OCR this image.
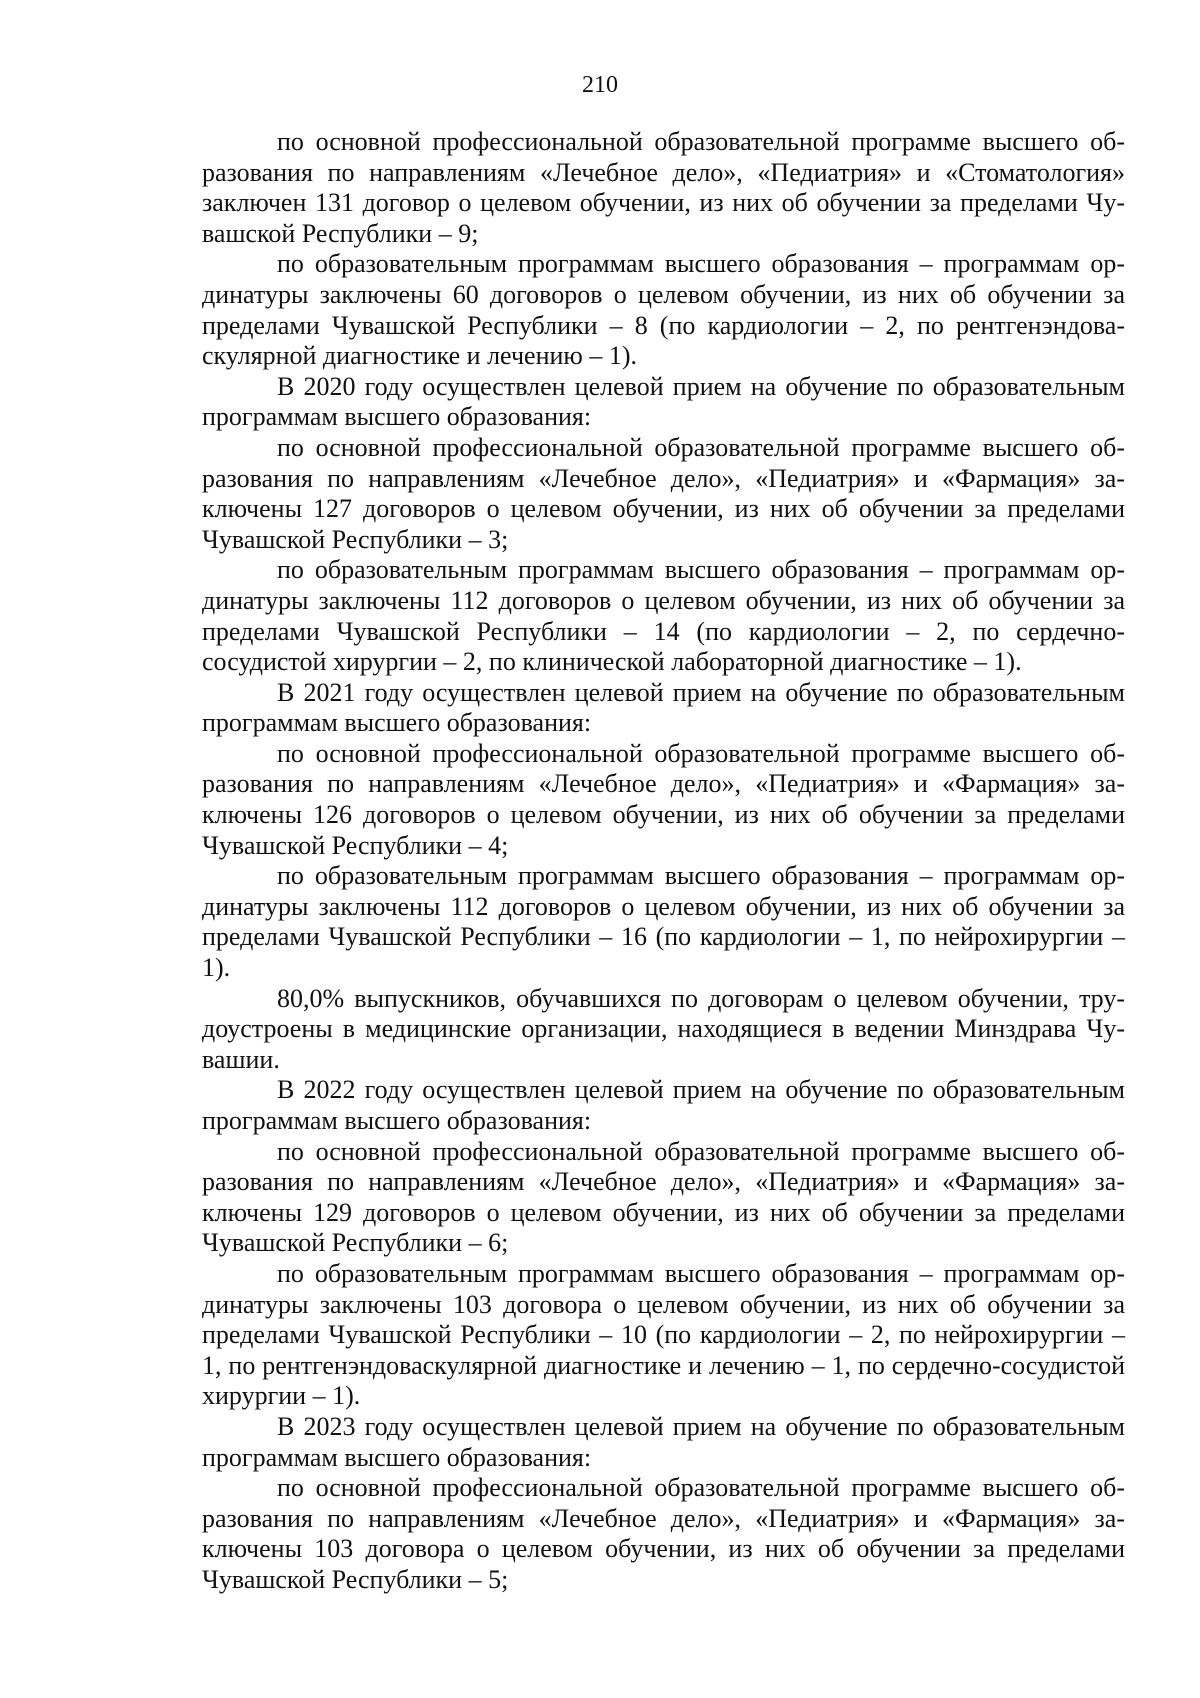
210

по основной профессиональной образовательной программе высшего образования по направлениям «Лечебное дело», «Педиатрия» и «Стоматология» заключен 131 договор о целевом обучении, из них об обучении за пределами Чувашской Республики – 9;

по образовательным программам высшего образования – программам ординатуры заключены 60 договоров о целевом обучении, из них об обучении за пределами Чувашской Республики – 8 (по кардиологии – 2, по рентгенэндоваскулярной диагностике и лечению – 1).

В 2020 году осуществлен целевой прием на обучение по образовательным программам высшего образования:

по основной профессиональной образовательной программе высшего образования по направлениям «Лечебное дело», «Педиатрия» и «Фармация» заключены 127 договоров о целевом обучении, из них об обучении за пределами Чувашской Республики – 3;

по образовательным программам высшего образования – программам ординатуры заключены 112 договоров о целевом обучении, из них об обучении за пределами Чувашской Республики – 14 (по кардиологии – 2, по сердечно-сосудистой хирургии – 2, по клинической лабораторной диагностике – 1).

В 2021 году осуществлен целевой прием на обучение по образовательным программам высшего образования:

по основной профессиональной образовательной программе высшего образования по направлениям «Лечебное дело», «Педиатрия» и «Фармация» заключены 126 договоров о целевом обучении, из них об обучении за пределами Чувашской Республики – 4;

по образовательным программам высшего образования – программам ординатуры заключены 112 договоров о целевом обучении, из них об обучении за пределами Чувашской Республики – 16 (по кардиологии – 1, по нейрохирургии – 1).

80,0% выпускников, обучавшихся по договорам о целевом обучении, трудоустроены в медицинские организации, находящиеся в ведении Минздрава Чувашии.

В 2022 году осуществлен целевой прием на обучение по образовательным программам высшего образования:

по основной профессиональной образовательной программе высшего образования по направлениям «Лечебное дело», «Педиатрия» и «Фармация» заключены 129 договоров о целевом обучении, из них об обучении за пределами Чувашской Республики – 6;

по образовательным программам высшего образования – программам ординатуры заключены 103 договора о целевом обучении, из них об обучении за пределами Чувашской Республики – 10 (по кардиологии – 2, по нейрохирургии – 1, по рентгенэндоваскулярной диагностике и лечению – 1, по сердечно-сосудистой хирургии – 1).

В 2023 году осуществлен целевой прием на обучение по образовательным программам высшего образования:

по основной профессиональной образовательной программе высшего образования по направлениям «Лечебное дело», «Педиатрия» и «Фармация» заключены 103 договора о целевом обучении, из них об обучении за пределами Чувашской Республики – 5;
